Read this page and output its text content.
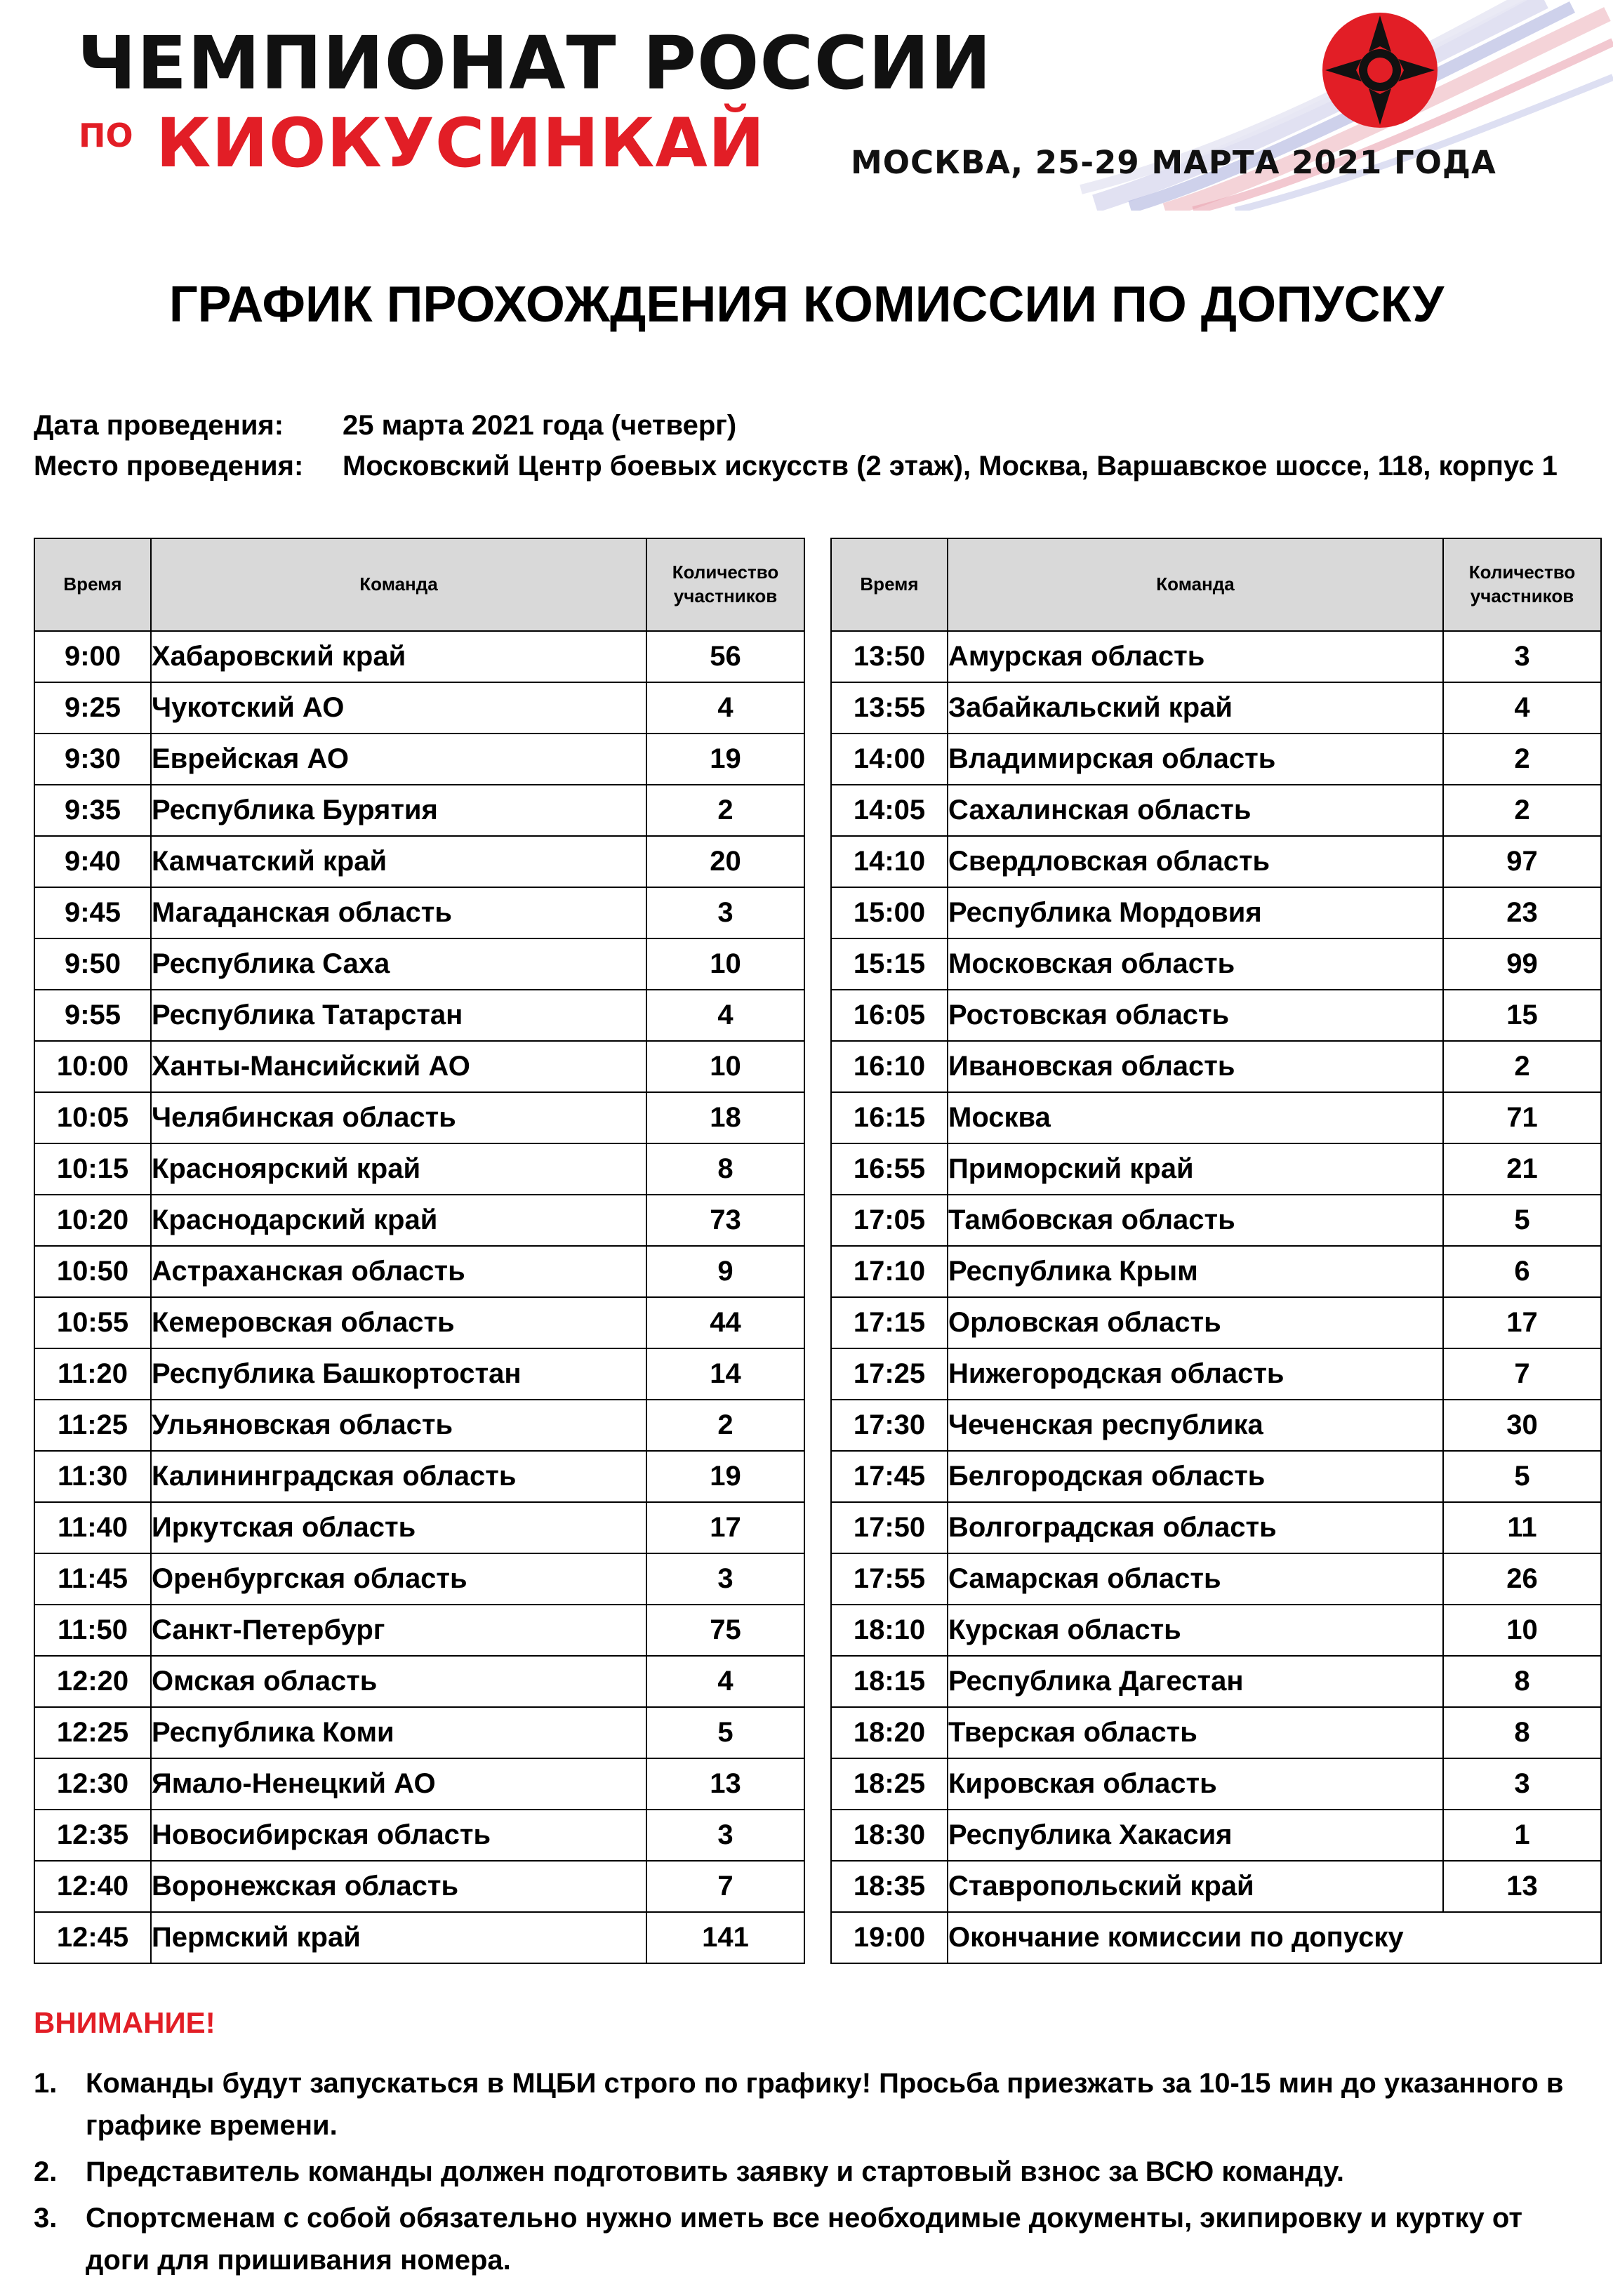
ЧЕМПИОНАТ РОССИИ
ПО КИОКУСИНКАЙ	МОСКВА, 25-29 МАРТА 2021 ГОДА
ГРАФИК ПРОХОЖДЕНИЯ КОМИССИИ ПО ДОПУСКУ
Дата проведения: 25 марта 2021 года (четверг)
Место проведения: Московский Центр боевых искусств (2 этаж), Москва, Варшавское шоссе, 118, корпус 1
Время	Команда	Количество
участников
9:00	Хабаровский край	56
9:25	Чукотский АО	4
9:30	Еврейская АО	19
9:35	Республика Бурятия	2
9:40	Камчатский край	20
9:45	Магаданская область	3
9:50	Республика Саха	10
9:55	Республика Татарстан	4
10:00	Ханты-Мансийский АО	10
10:05	Челябинская область	18
10:15	Красноярский край	8
10:20	Краснодарский край	73
10:50	Астраханская область	9
10:55	Кемеровская область	44
11:20	Республика Башкортостан	14
11:25	Ульяновская область	2
11:30	Калининградская область	19
11:40	Иркутская область	17
11:45	Оренбургская область	3
11:50	Санкт-Петербург	75
12:20	Омская область	4
12:25	Республика Коми	5
12:30	Ямало-Ненецкий АО	13
12:35	Новосибирская область	3
12:40	Воронежская область	7
12:45	Пермский край	141
Время	Команда	Количество
участников
13:50	Амурская область	3
13:55	Забайкальский край	4
14:00	Владимирская область	2
14:05	Сахалинская область	2
14:10	Свердловская область	97
15:00	Республика Мордовия	23
15:15	Московская область	99
16:05	Ростовская область	15
16:10	Ивановская область	2
16:15	Москва	71
16:55	Приморский край	21
17:05	Тамбовская область	5
17:10	Республика Крым	6
17:15	Орловская область	17
17:25	Нижегородская область	7
17:30	Чеченская республика	30
17:45	Белгородская область	5
17:50	Волгоградская область	11
17:55	Самарская область	26
18:10	Курская область	10
18:15	Республика Дагестан	8
18:20	Тверская область	8
18:25	Кировская область	3
18:30	Республика Хакасия	1
18:35	Ставропольский край	13
19:00	Окончание комиссии по допуску	
ВНИМАНИЕ!
1. Команды будут запускаться в МЦБИ строго по графику! Просьба приезжать за 10-15 мин до указанного в графике времени.
2. Представитель команды должен подготовить заявку и стартовый взнос за ВСЮ команду.
3. Спортсменам с собой обязательно нужно иметь все необходимые документы, экипировку и куртку от доги для пришивания номера.
